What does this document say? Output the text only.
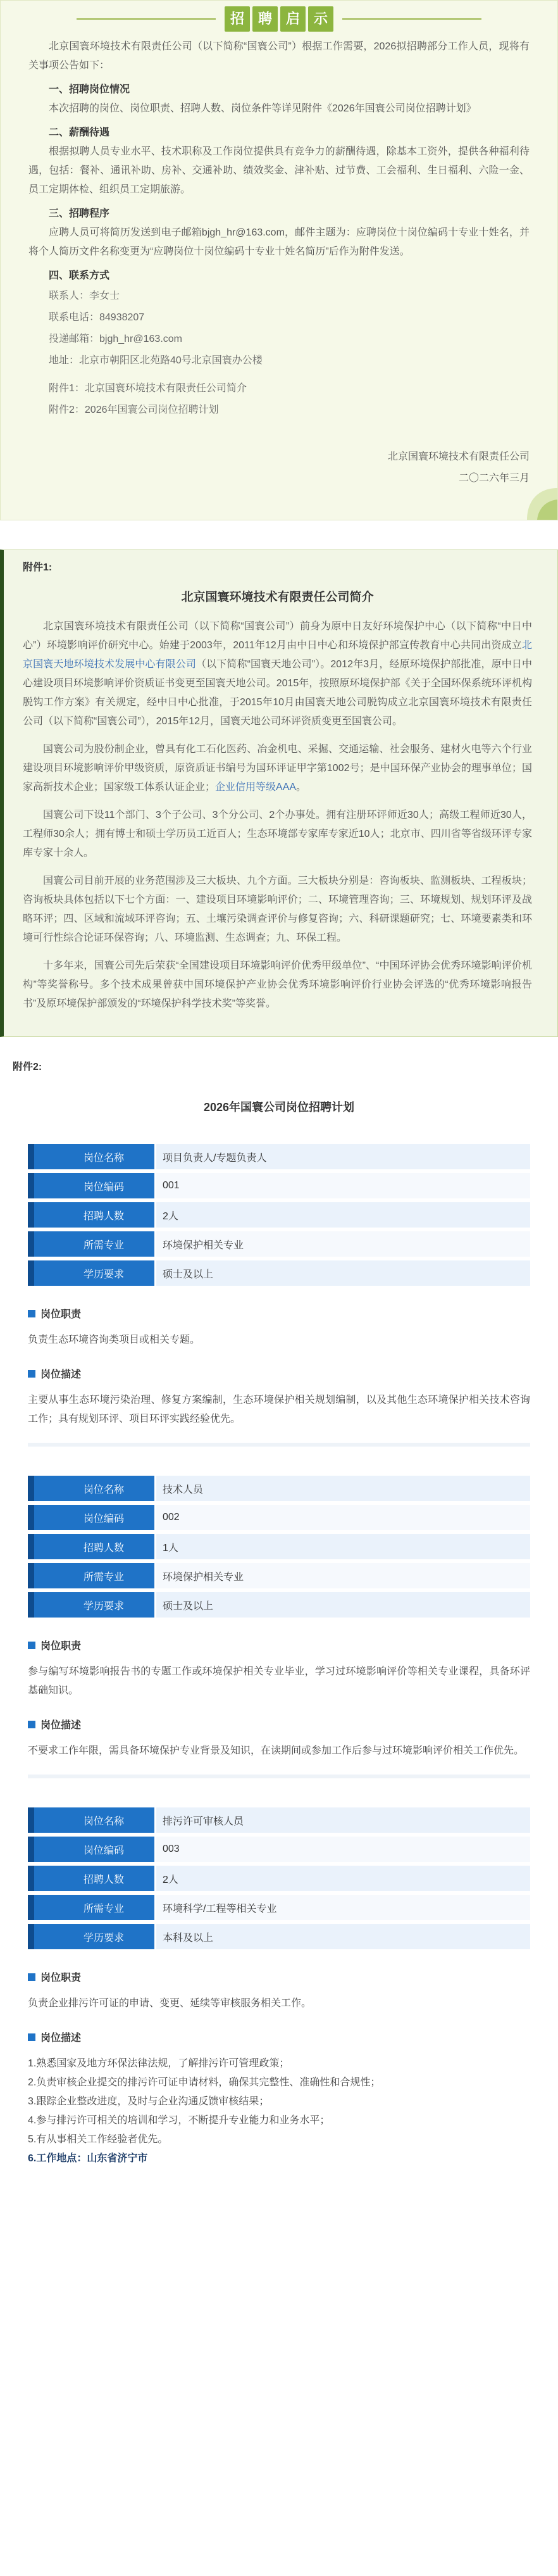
招 聘 启 示

北京国寰环境技术有限责任公司（以下简称“国寰公司”）根据工作需要，2026拟招聘部分工作人员，现将有关事项公告如下：

一、招聘岗位情况

本次招聘的岗位、岗位职责、招聘人数、岗位条件等详见附件《2026年国寰公司岗位招聘计划》

二、薪酬待遇

根据拟聘人员专业水平、技术职称及工作岗位提供具有竞争力的薪酬待遇，除基本工资外，提供各种福利待遇，包括：餐补、通讯补助、房补、交通补助、绩效奖金、津补贴、过节费、工会福利、生日福利、六险一金、员工定期体检、组织员工定期旅游。

三、招聘程序

应聘人员可将简历发送到电子邮箱bjgh_hr@163.com，邮件主题为：应聘岗位十岗位编码十专业十姓名，并将个人简历文件名称变更为“应聘岗位十岗位编码十专业十姓名简历”后作为附件发送。

四、联系方式

联系人：李女士
联系电话：84938207
投递邮箱：bjgh_hr@163.com
地址：北京市朝阳区北苑路40号北京国寰办公楼
附件1：北京国寰环境技术有限责任公司简介
附件2：2026年国寰公司岗位招聘计划
北京国寰环境技术有限责任公司
二〇二六年三月
附件1:
北京国寰环境技术有限责任公司简介

北京国寰环境技术有限责任公司（以下简称“国寰公司”）前身为原中日友好环境保护中心（以下简称“中日中心”）环境影响评价研究中心。始建于2003年，2011年12月由中日中心和环境保护部宣传教育中心共同出资成立北京国寰天地环境技术发展中心有限公司（以下简称“国寰天地公司”）。2012年3月，经原环境保护部批准，原中日中心建设项目环境影响评价资质证书变更至国寰天地公司。2015年，按照原环境保护部《关于全国环保系统环评机构脱钩工作方案》有关规定，经中日中心批准，于2015年10月由国寰天地公司脱钩成立北京国寰环境技术有限责任公司（以下简称“国寰公司”），2015年12月，国寰天地公司环评资质变更至国寰公司。

国寰公司为股份制企业，曾具有化工石化医药、冶金机电、采掘、交通运输、社会服务、建材火电等六个行业建设项目环境影响评价甲级资质，原资质证书编号为国环评证甲字第1002号；是中国环保产业协会的理事单位；国家高新技术企业；国家级工体系认证企业；企业信用等级AAA。

国寰公司下设11个部门、3个子公司、3个分公司、2个办事处。拥有注册环评师近30人；高级工程师近30人，工程师30余人；拥有博士和硕士学历员工近百人；生态环境部专家库专家近10人；北京市、四川省等省级环评专家库专家十余人。

国寰公司目前开展的业务范围涉及三大板块、九个方面。三大板块分别是：咨询板块、监测板块、工程板块；咨询板块具体包括以下七个方面：一、建设项目环境影响评价；二、环境管理咨询；三、环境规划、规划环评及战略环评；四、区域和流域环评咨询；五、土壤污染调查评价与修复咨询；六、科研课题研究；七、环境要素类和环境可行性综合论证环保咨询；八、环境监测、生态调查；九、环保工程。

十多年来，国寰公司先后荣获“全国建设项目环境影响评价优秀甲级单位”、“中国环评协会优秀环境影响评价机构”等奖誉称号。多个技术成果曾获中国环境保护产业协会优秀环境影响评价行业协会评选的“优秀环境影响报告书”及原环境保护部颁发的“环境保护科学技术奖”等奖誉。

附件2:
2026年国寰公司岗位招聘计划
岗位名称	项目负责人/专题负责人
岗位编码	001
招聘人数	2人
所需专业	环境保护相关专业
学历要求	硕士及以上
岗位职责

负责生态环境咨询类项目或相关专题。

岗位描述

主要从事生态环境污染治理、修复方案编制，生态环境保护相关规划编制，以及其他生态环境保护相关技术咨询工作；具有规划环评、项目环评实践经验优先。

岗位名称	技术人员
岗位编码	002
招聘人数	1人
所需专业	环境保护相关专业
学历要求	硕士及以上
岗位职责

参与编写环境影响报告书的专题工作或环境保护相关专业毕业，学习过环境影响评价等相关专业课程，具备环评基础知识。

岗位描述

不要求工作年限，需具备环境保护专业背景及知识，在读期间或参加工作后参与过环境影响评价相关工作优先。

岗位名称	排污许可审核人员
岗位编码	003
招聘人数	2人
所需专业	环境科学/工程等相关专业
学历要求	本科及以上
岗位职责

负责企业排污许可证的申请、变更、延续等审核服务相关工作。

岗位描述
1.熟悉国家及地方环保法律法规，了解排污许可管理政策；
2.负责审核企业提交的排污许可证申请材料，确保其完整性、准确性和合规性；
3.跟踪企业整改进度，及时与企业沟通反馈审核结果；
4.参与排污许可相关的培训和学习，不断提升专业能力和业务水平；
5.有从事相关工作经验者优先。
6.工作地点：山东省济宁市
